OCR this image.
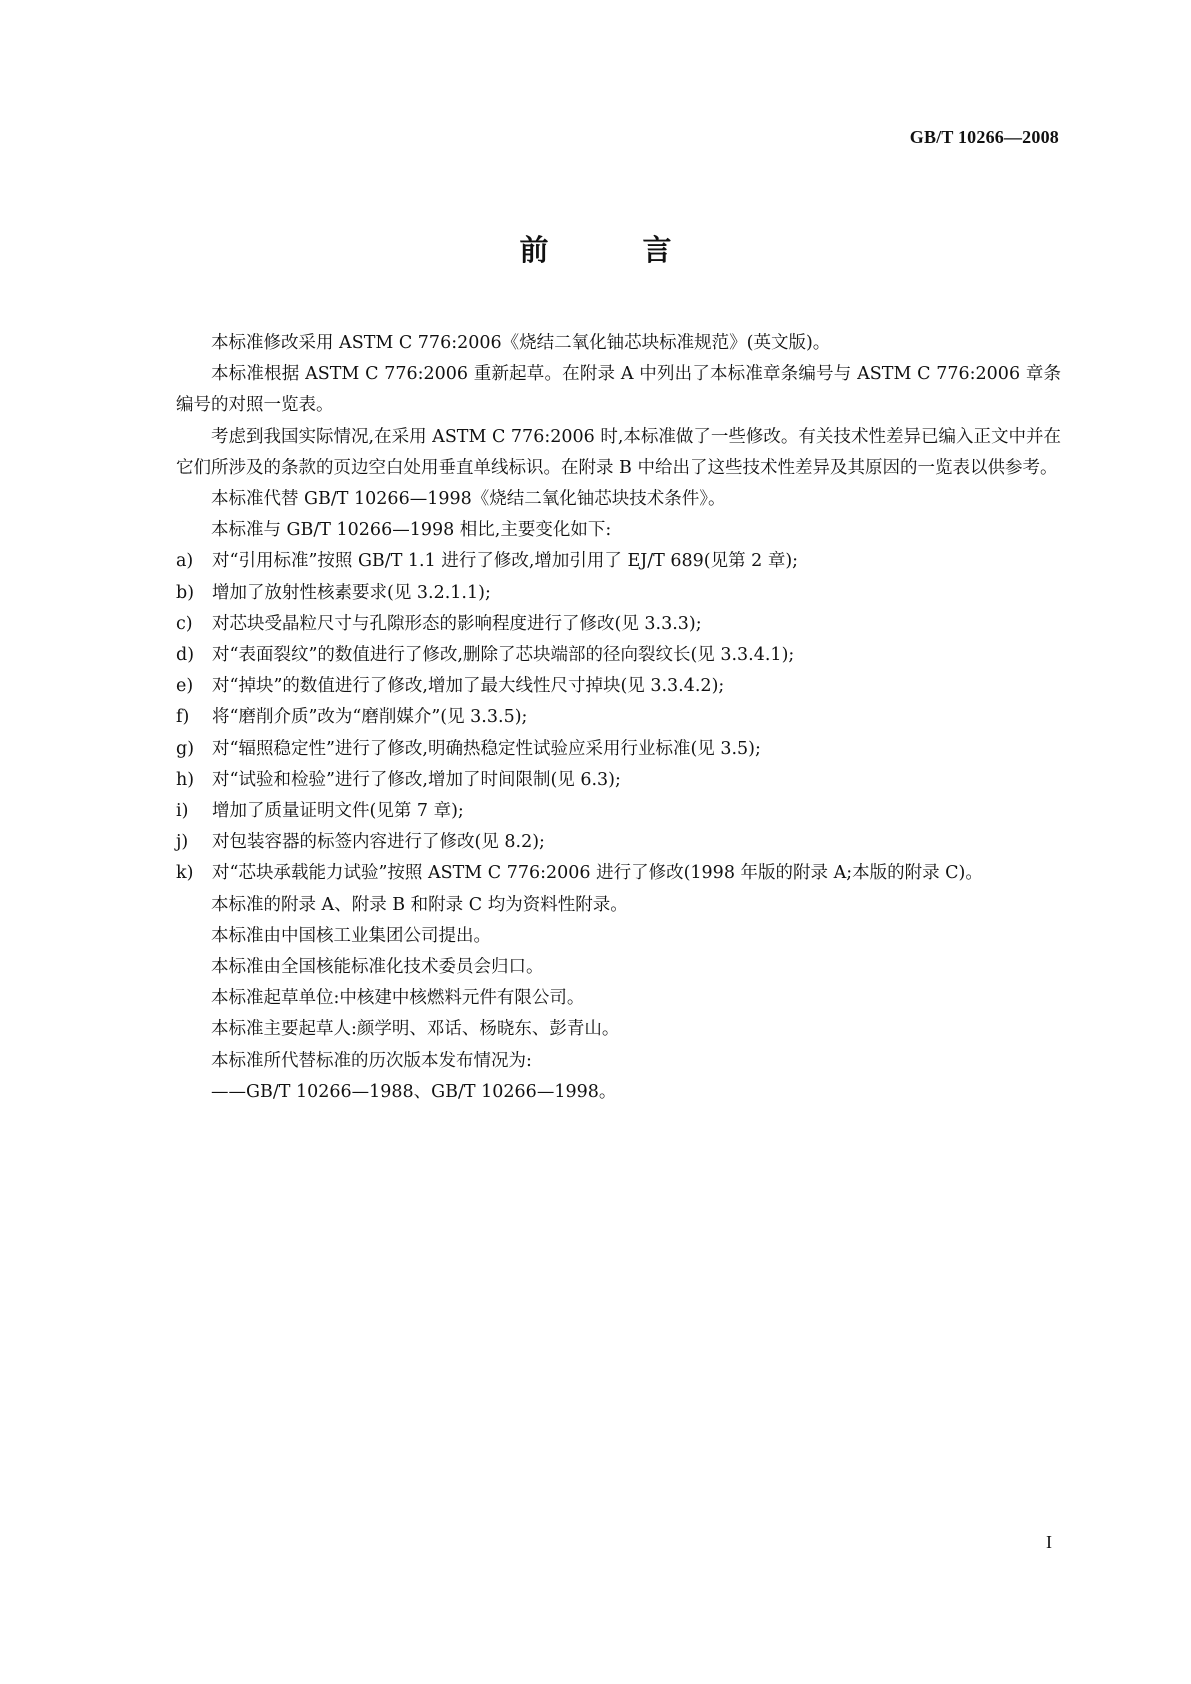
GB/T 10266—2008
前 言

本标准修改采用 ASTM C 776:2006《烧结二氧化铀芯块标准规范》(英文版)。

本标准根据 ASTM C 776:2006 重新起草。在附录 A 中列出了本标准章条编号与 ASTM C 776:2006 章条编号的对照一览表。

考虑到我国实际情况,在采用 ASTM C 776:2006 时,本标准做了一些修改。有关技术性差异已编入正文中并在它们所涉及的条款的页边空白处用垂直单线标识。在附录 B 中给出了这些技术性差异及其原因的一览表以供参考。

本标准代替 GB/T 10266—1998《烧结二氧化铀芯块技术条件》。

本标准与 GB/T 10266—1998 相比,主要变化如下:

a)	对“引用标准”按照 GB/T 1.1 进行了修改,增加引用了 EJ/T 689(见第 2 章);
b)	增加了放射性核素要求(见 3.2.1.1);
c)	对芯块受晶粒尺寸与孔隙形态的影响程度进行了修改(见 3.3.3);
d)	对“表面裂纹”的数值进行了修改,删除了芯块端部的径向裂纹长(见 3.3.4.1);
e)	对“掉块”的数值进行了修改,增加了最大线性尺寸掉块(见 3.3.4.2);
f)	将“磨削介质”改为“磨削媒介”(见 3.3.5);
g)	对“辐照稳定性”进行了修改,明确热稳定性试验应采用行业标准(见 3.5);
h)	对“试验和检验”进行了修改,增加了时间限制(见 6.3);
i)	增加了质量证明文件(见第 7 章);
j)	对包装容器的标签内容进行了修改(见 8.2);
k)	对“芯块承载能力试验”按照 ASTM C 776:2006 进行了修改(1998 年版的附录 A;本版的附录 C)。

本标准的附录 A、附录 B 和附录 C 均为资料性附录。

本标准由中国核工业集团公司提出。

本标准由全国核能标准化技术委员会归口。

本标准起草单位:中核建中核燃料元件有限公司。

本标准主要起草人:颜学明、邓话、杨晓东、彭青山。

本标准所代替标准的历次版本发布情况为:

——GB/T 10266—1988、GB/T 10266—1998。

I
